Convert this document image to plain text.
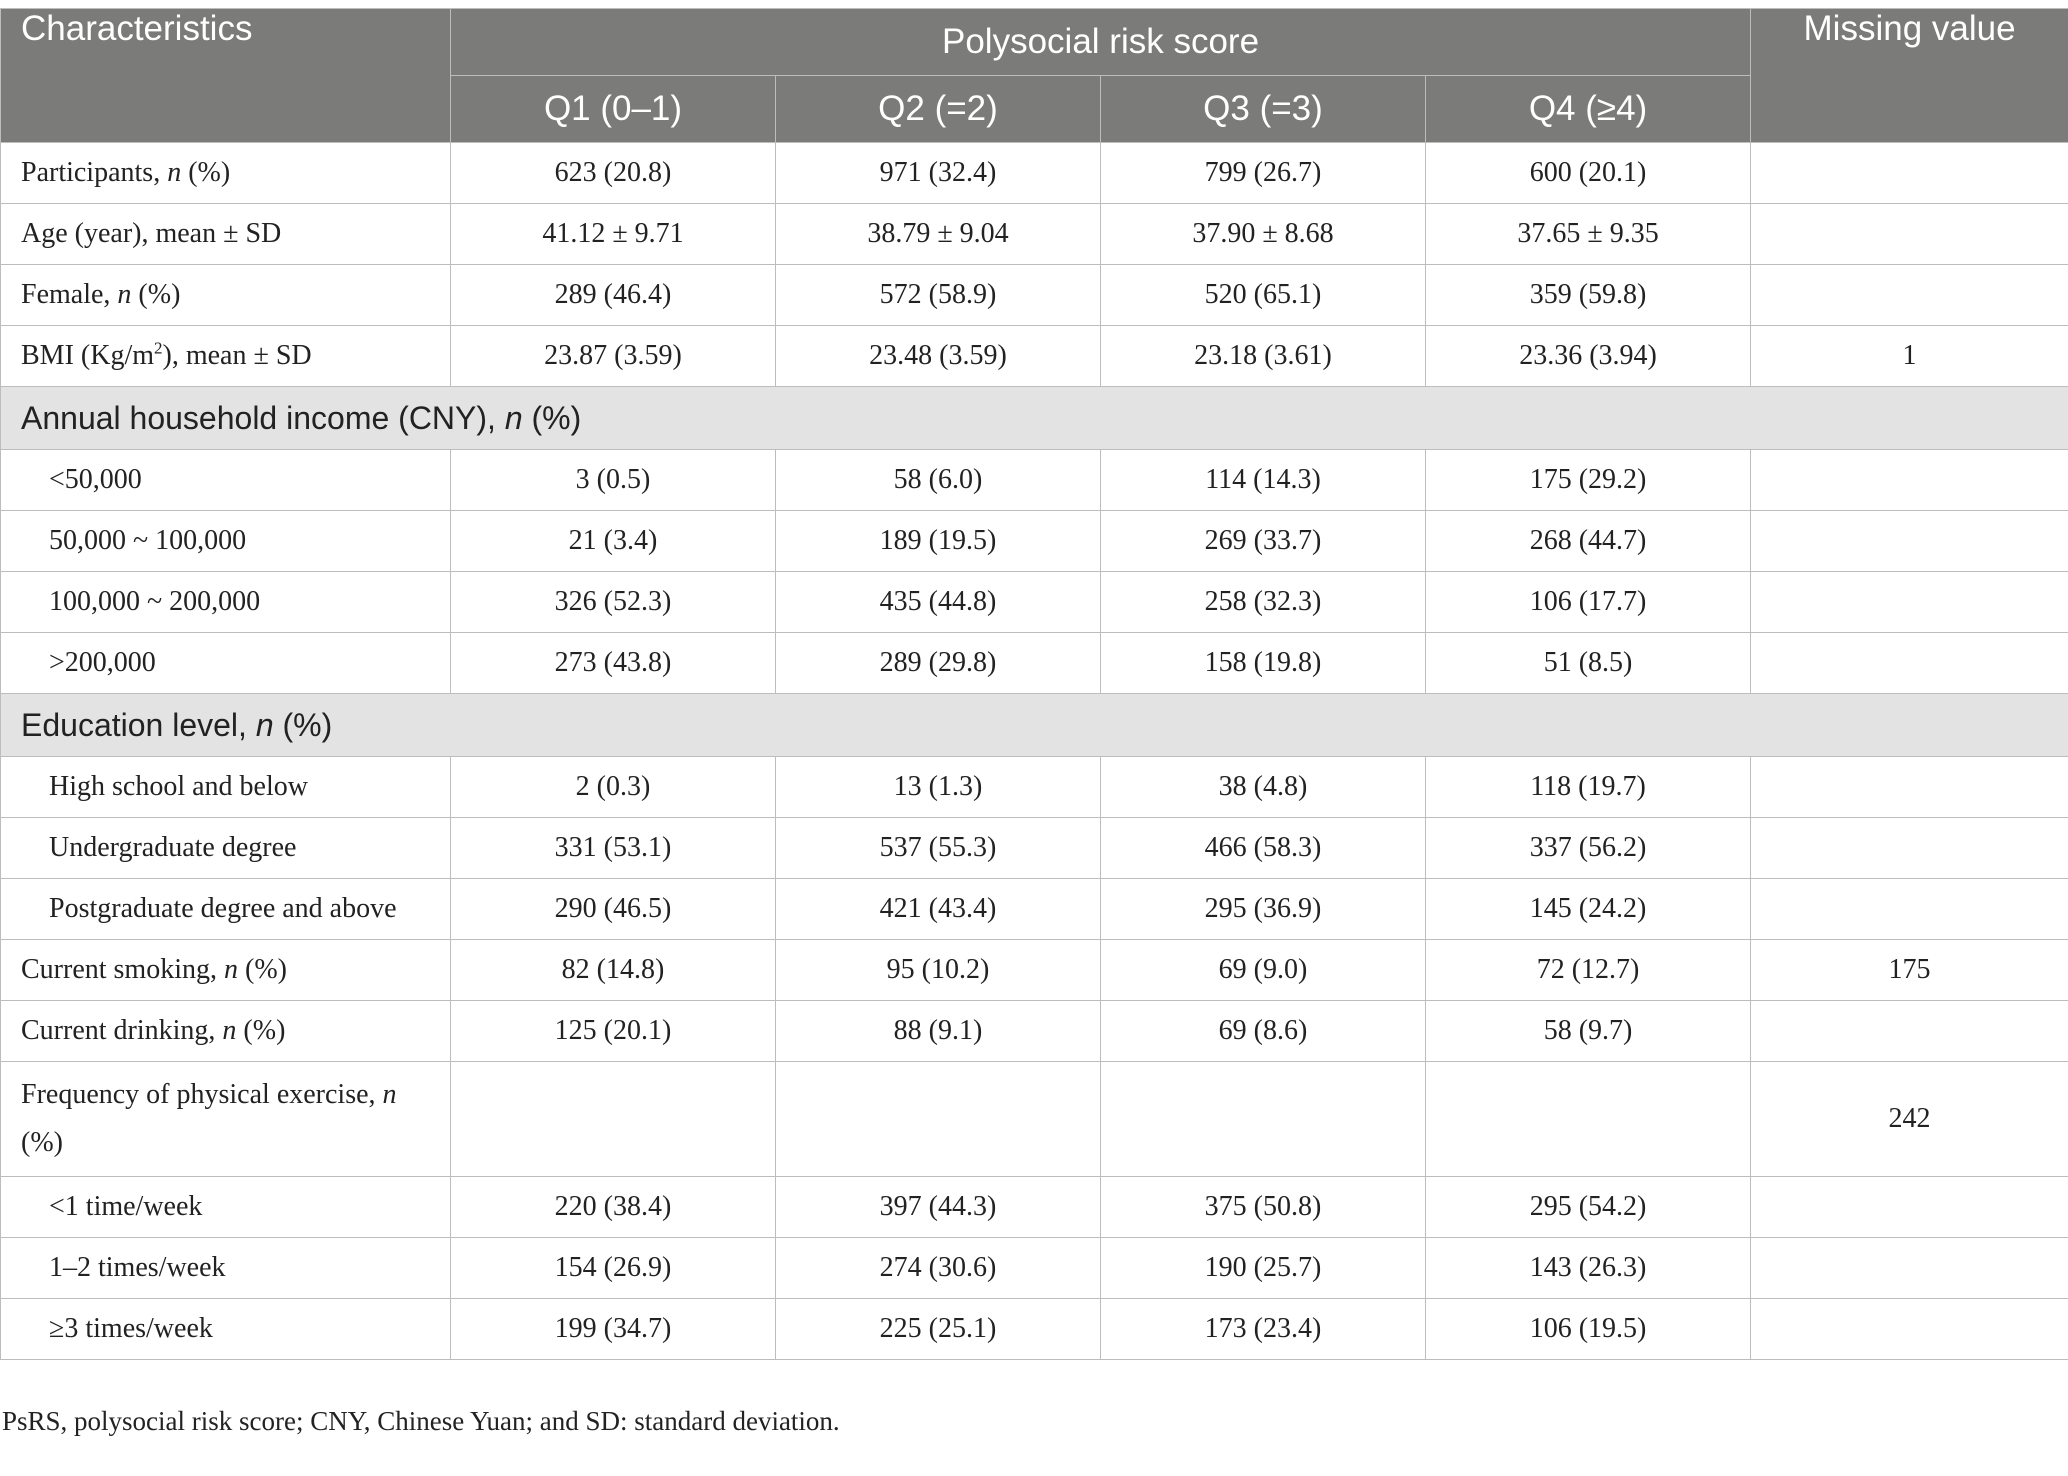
Characteristics	Polysocial risk score				Missing value
	Q1 (0–1)	Q2 (=2)	Q3 (=3)	Q4 (≥4)	
Participants, n (%)	623 (20.8)	971 (32.4)	799 (26.7)	600 (20.1)	
Age (year), mean ± SD	41.12 ± 9.71	38.79 ± 9.04	37.90 ± 8.68	37.65 ± 9.35	
Female, n (%)	289 (46.4)	572 (58.9)	520 (65.1)	359 (59.8)	
BMI $(Kg/m^2)$, mean ± SD	23.87 (3.59)	23.48 (3.59)	23.18 (3.61)	23.36 (3.94)	1
Annual household income (CNY), n (%)					
<50,000	3 (0.5)	58 (6.0)	114 (14.3)	175 (29.2)	
50,000 ~ 100,000	21 (3.4)	189 (19.5)	269 (33.7)	268 (44.7)	
100,000 ~ 200,000	326 (52.3)	435 (44.8)	258 (32.3)	106 (17.7)	
>200,000	273 (43.8)	289 (29.8)	158 (19.8)	51 (8.5)	
Education level, n (%)					
High school and below	2 (0.3)	13 (1.3)	38 (4.8)	118 (19.7)	
Undergraduate degree	331 (53.1)	537 (55.3)	466 (58.3)	337 (56.2)	
Postgraduate degree and above	290 (46.5)	421 (43.4)	295 (36.9)	145 (24.2)	
Current smoking, n (%)	82 (14.8)	95 (10.2)	69 (9.0)	72 (12.7)	175
Current drinking, n (%)	125 (20.1)	88 (9.1)	69 (8.6)	58 (9.7)	
Frequency of physical exercise, n (%)					242
<1 time/week	220 (38.4)	397 (44.3)	375 (50.8)	295 (54.2)	
1–2 times/week	154 (26.9)	274 (30.6)	190 (25.7)	143 (26.3)	
≥3 times/week	199 (34.7)	225 (25.1)	173 (23.4)	106 (19.5)	

PsRS, polysocial risk score; CNY, Chinese Yuan; and SD: standard deviation.
